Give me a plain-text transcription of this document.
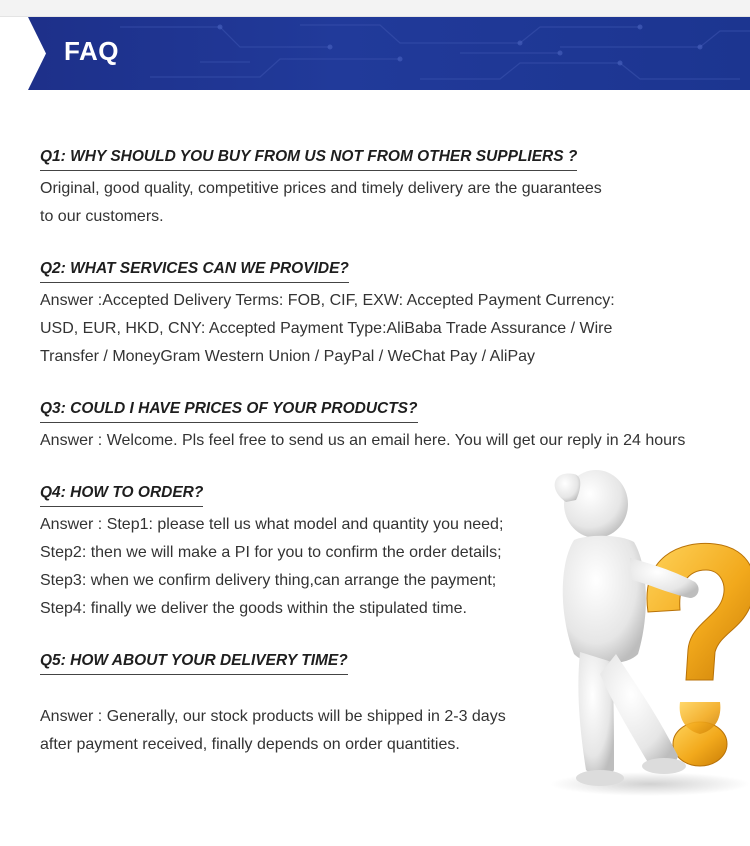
FAQ
Q1: WHY SHOULD YOU BUY FROM US NOT FROM OTHER SUPPLIERS ?
Original, good quality, competitive prices and timely delivery are the guarantees
to our customers.
Q2: WHAT SERVICES CAN WE PROVIDE?
Answer :Accepted Delivery Terms: FOB, CIF, EXW: Accepted Payment Currency:
USD, EUR, HKD, CNY: Accepted Payment Type:AliBaba Trade Assurance / Wire
Transfer / MoneyGram Western Union / PayPal / WeChat Pay / AliPay
Q3: COULD I HAVE PRICES OF YOUR PRODUCTS?
Answer : Welcome. Pls feel free to send us an email here. You will get our reply in 24 hours
Q4: HOW TO ORDER?
Answer : Step1: please tell us what model and quantity you need;
Step2: then we will make a PI for you to confirm the order details;
Step3: when we confirm delivery thing,can arrange the payment;
Step4: finally we deliver the goods within the stipulated time.
Q5: HOW ABOUT YOUR DELIVERY TIME?
Answer : Generally, our stock products will be shipped in 2-3 days
after payment received, finally depends on order quantities.
